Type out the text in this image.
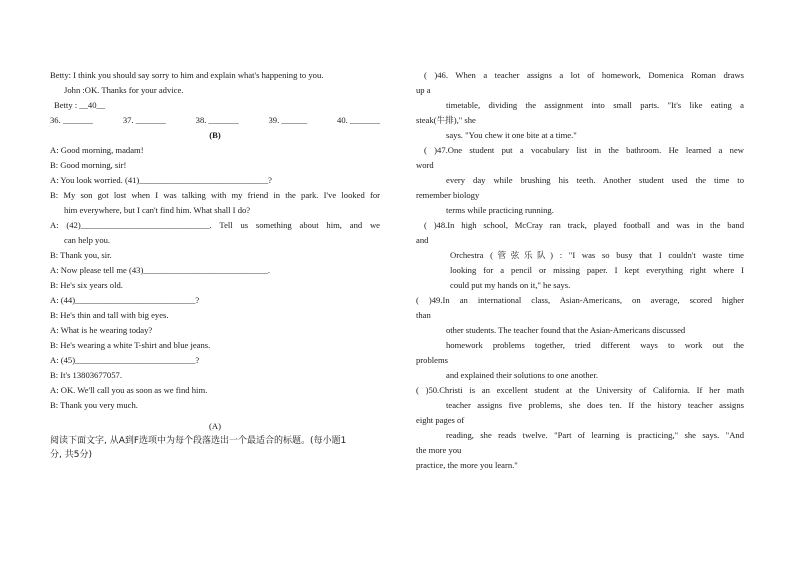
Betty: I think you should say sorry to him and explain what's happening to you.
John :OK. Thanks for your advice.
Betty : __40__
36. _______	37. _______	38. _______	39. ______	40. _______
(B)
A: Good morning, madam!
B: Good morning, sir!
A: You look worried. (41)______________________________?
B: My son got lost when I was talking with my friend in the park. I've looked for
him everywhere, but I can't find him. What shall I do?
A: (42)______________________________. Tell us something about him, and we
can help you.
B: Thank you, sir.
A: Now please tell me (43)_____________________________.
B: He's six years old.
A: (44)____________________________?
B: He's thin and tall with big eyes.
A: What is he wearing today?
B: He's wearing a white T-shirt and blue jeans.
A: (45)____________________________?
B: It's 13803677057.
A: OK. We'll call you as soon as we find him.
B: Thank you very much.
(A)
阅读下面文字, 从A到F选项中为每个段落选出一个最适合的标题。(每小题1
分, 共5分)
( )46. When a teacher assigns a lot of homework, Domenica Roman draws
up a
timetable, dividing the assignment into small parts. "It's like eating a
steak(牛排)," she
says. "You chew it one bite at a time."
( )47.One student put a vocabulary list in the bathroom. He learned a new
word
every day while brushing his teeth. Another student used the time to
remember biology
terms while practicing running.
( )48.In high school, McCray ran track, played football and was in the band
and
Orchestra (管弦乐队) : "I was so busy that I couldn't waste time
looking for a pencil or missing paper. I kept everything right where I
could put my hands on it," he says.
( )49.In an international class, Asian-Americans, on average, scored higher
than
other students. The teacher found that the Asian-Americans discussed
homework problems together, tried different ways to work out the
problems
and explained their solutions to one another.
( )50.Christi is an excellent student at the University of California. If her math
teacher assigns five problems, she does ten. If the history teacher assigns
eight pages of
reading, she reads twelve. "Part of learning is practicing," she says. "And
the more you
practice, the more you learn."
